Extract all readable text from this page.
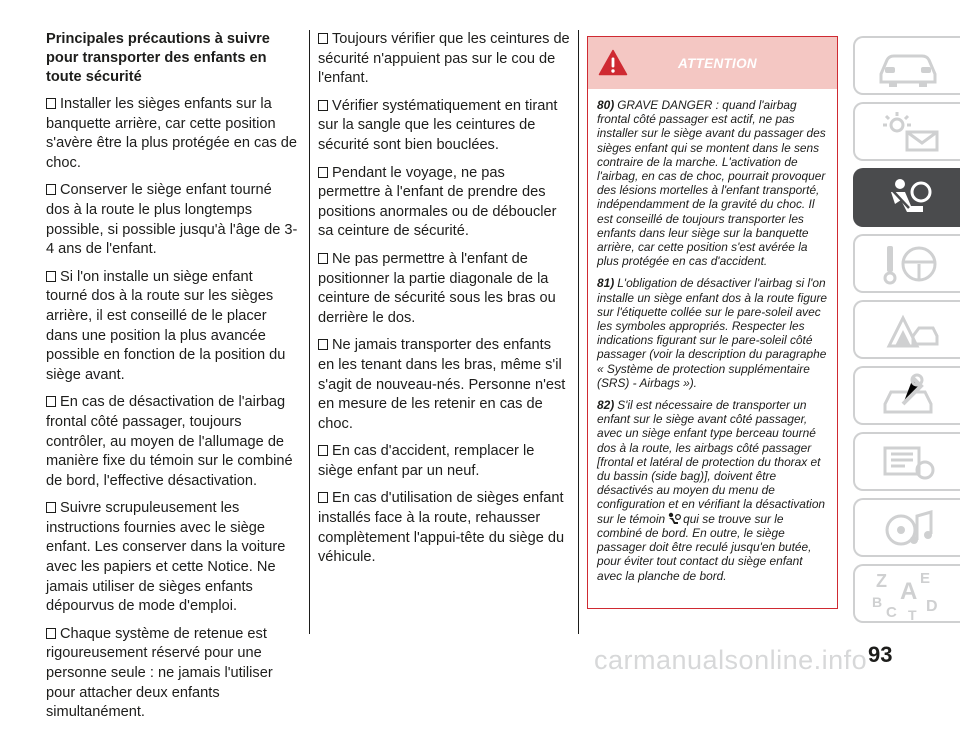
Principales précautions à suivre pour transporter des enfants en toute sécurité

Installer les sièges enfants sur la banquette arrière, car cette position s'avère être la plus protégée en cas de choc.

Conserver le siège enfant tourné dos à la route le plus longtemps possible, si possible jusqu'à l'âge de 3-4 ans de l'enfant.

Si l'on installe un siège enfant tourné dos à la route sur les sièges arrière, il est conseillé de le placer dans une position la plus avancée possible en fonction de la position du siège avant.

En cas de désactivation de l'airbag frontal côté passager, toujours contrôler, au moyen de l'allumage de manière fixe du témoin sur le combiné de bord, l'effective désactivation.

Suivre scrupuleusement les instructions fournies avec le siège enfant. Les conserver dans la voiture avec les papiers et cette Notice. Ne jamais utiliser de sièges enfants dépourvus de mode d'emploi.

Chaque système de retenue est rigoureusement réservé pour une personne seule : ne jamais l'utiliser pour attacher deux enfants simultanément.

Toujours vérifier que les ceintures de sécurité n'appuient pas sur le cou de l'enfant.

Vérifier systématiquement en tirant sur la sangle que les ceintures de sécurité sont bien bouclées.

Pendant le voyage, ne pas permettre à l'enfant de prendre des positions anormales ou de déboucler sa ceinture de sécurité.

Ne pas permettre à l'enfant de positionner la partie diagonale de la ceinture de sécurité sous les bras ou derrière le dos.

Ne jamais transporter des enfants en les tenant dans les bras, même s'il s'agit de nouveau-nés. Personne n'est en mesure de les retenir en cas de choc.

En cas d'accident, remplacer le siège enfant par un neuf.

En cas d'utilisation de sièges enfant installés face à la route, rehausser complètement l'appui-tête du siège du véhicule.

ATTENTION

80) GRAVE DANGER : quand l'airbag frontal côté passager est actif, ne pas installer sur le siège avant du passager des sièges enfant qui se montent dans le sens contraire de la marche. L'activation de l'airbag, en cas de choc, pourrait provoquer des lésions mortelles à l'enfant transporté, indépendamment de la gravité du choc. Il est conseillé de toujours transporter les enfants dans leur siège sur la banquette arrière, car cette position s'est avérée la plus protégée en cas d'accident.

81) L'obligation de désactiver l'airbag si l'on installe un siège enfant dos à la route figure sur l'étiquette collée sur le pare-soleil avec les symboles appropriés. Respecter les indications figurant sur le pare-soleil côté passager (voir la description du paragraphe « Système de protection supplémentaire (SRS) - Airbags »).

82) S'il est nécessaire de transporter un enfant sur le siège avant côté passager, avec un siège enfant type berceau tourné dos à la route, les airbags côté passager [frontal et latéral de protection du thorax et du bassin (side bag)], doivent être désactivés au moyen du menu de configuration et en vérifiant la désactivation sur le témoin qui se trouve sur le combiné de bord. En outre, le siège passager doit être reculé jusqu'en butée, pour éviter tout contact du siège enfant avec la planche de bord.	Z E
A
B
C D
T
carmanualsonline.info 93
